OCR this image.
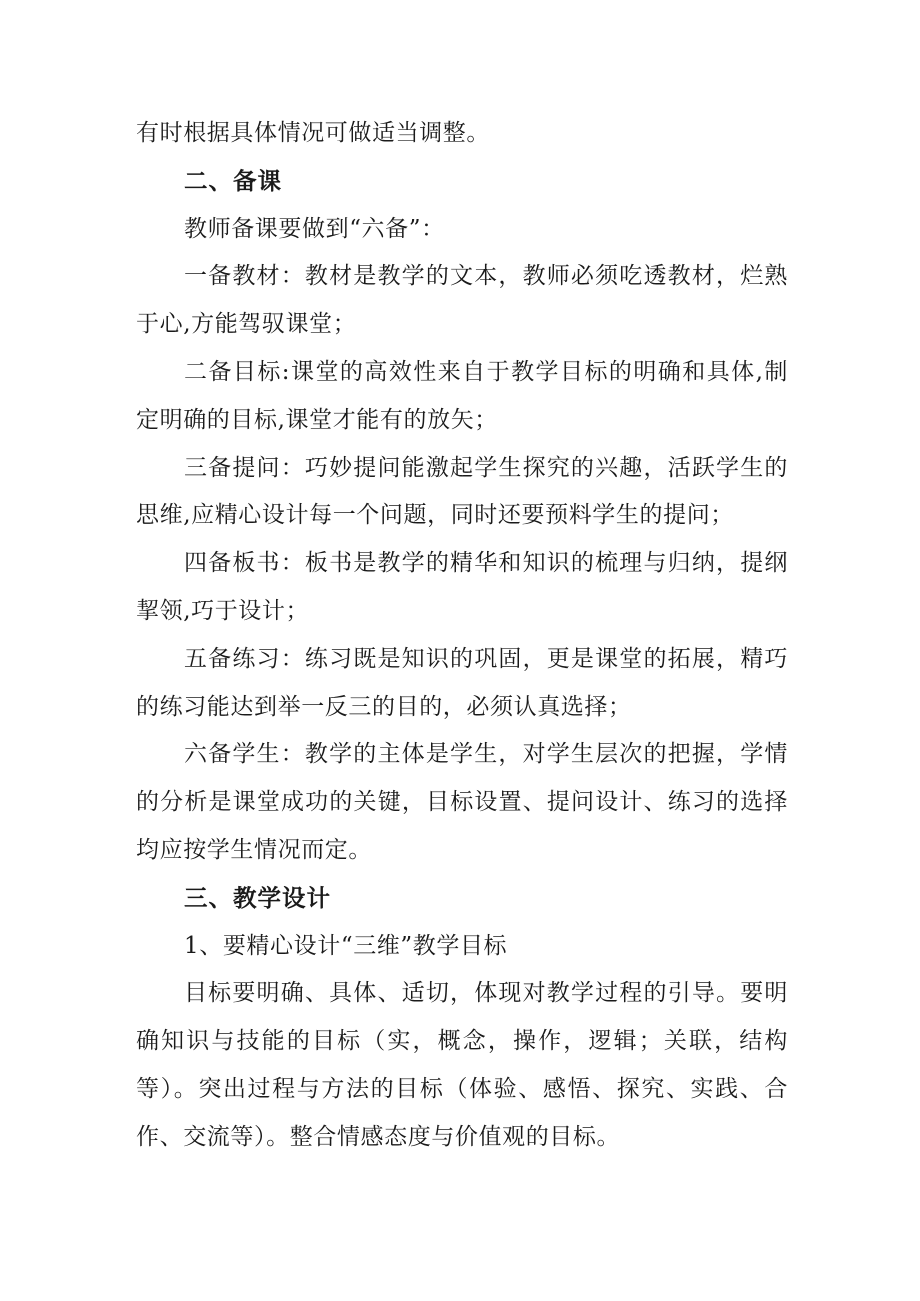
有时根据具体情况可做适当调整。

二、备课

教师备课要做到“六备”：

一备教材：教材是教学的文本，教师必须吃透教材，烂熟于心,方能驾驭课堂；

二备目标:课堂的高效性来自于教学目标的明确和具体,制定明确的目标,课堂才能有的放矢；

三备提问：巧妙提问能激起学生探究的兴趣，活跃学生的思维,应精心设计每一个问题，同时还要预料学生的提问；

四备板书：板书是教学的精华和知识的梳理与归纳，提纲挈领,巧于设计；

五备练习：练习既是知识的巩固，更是课堂的拓展，精巧的练习能达到举一反三的目的，必须认真选择；

六备学生：教学的主体是学生，对学生层次的把握，学情的分析是课堂成功的关键，目标设置、提问设计、练习的选择均应按学生情况而定。

三、教学设计

1、要精心设计“三维”教学目标

目标要明确、具体、适切，体现对教学过程的引导。要明确知识与技能的目标（实，概念，操作，逻辑；关联，结构等）。突出过程与方法的目标（体验、感悟、探究、实践、合作、交流等）。整合情感态度与价值观的目标。
